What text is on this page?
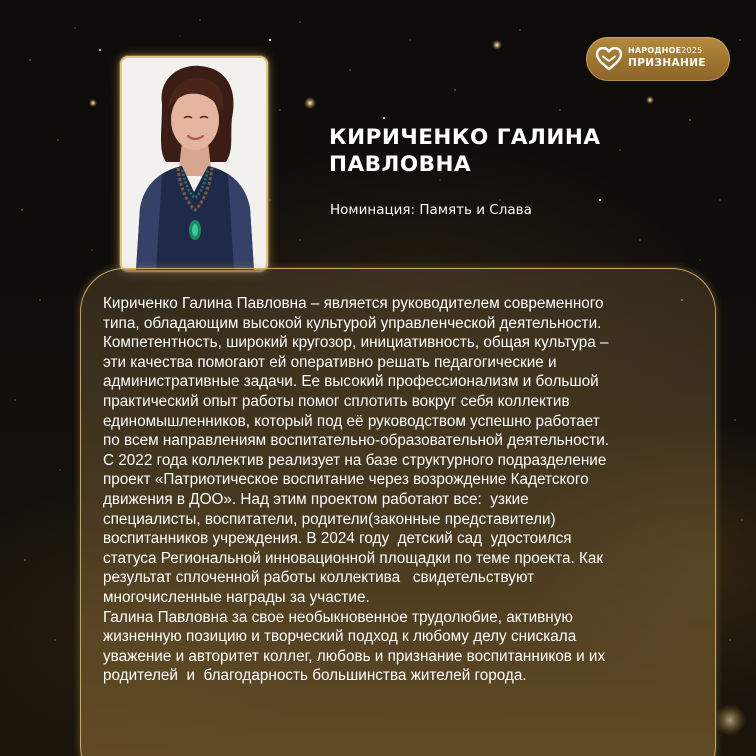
НАРОДНОЕ2025
ПРИЗНАНИЕ
КИРИЧЕНКО ГАЛИНА
ПАВЛОВНА
Номинация: Память и Слава
Кириченко Галина Павловна – является руководителем современного
типа, обладающим высокой культурой управленческой деятельности.
Компетентность, широкий кругозор, инициативность, общая культура –
эти качества помогают ей оперативно решать педагогические и
административные задачи. Ее высокий профессионализм и большой
практический опыт работы помог сплотить вокруг себя коллектив
единомышленников, который под её руководством успешно работает
по всем направлениям воспитательно-образовательной деятельности.
С 2022 года коллектив реализует на базе структурного подразделение
проект «Патриотическое воспитание через возрождение Кадетского
движения в ДОО». Над этим проектом работают все:  узкие
специалисты, воспитатели, родители(законные представители)
воспитанников учреждения. В 2024 году  детский сад  удостоился
статуса Региональной инновационной площадки по теме проекта. Как
результат сплоченной работы коллектива   свидетельствуют
многочисленные награды за участие.
Галина Павловна за свое необыкновенное трудолюбие, активную
жизненную позицию и творческий подход к любому делу снискала
уважение и авторитет коллег, любовь и признание воспитанников и их
родителей  и  благодарность большинства жителей города.
